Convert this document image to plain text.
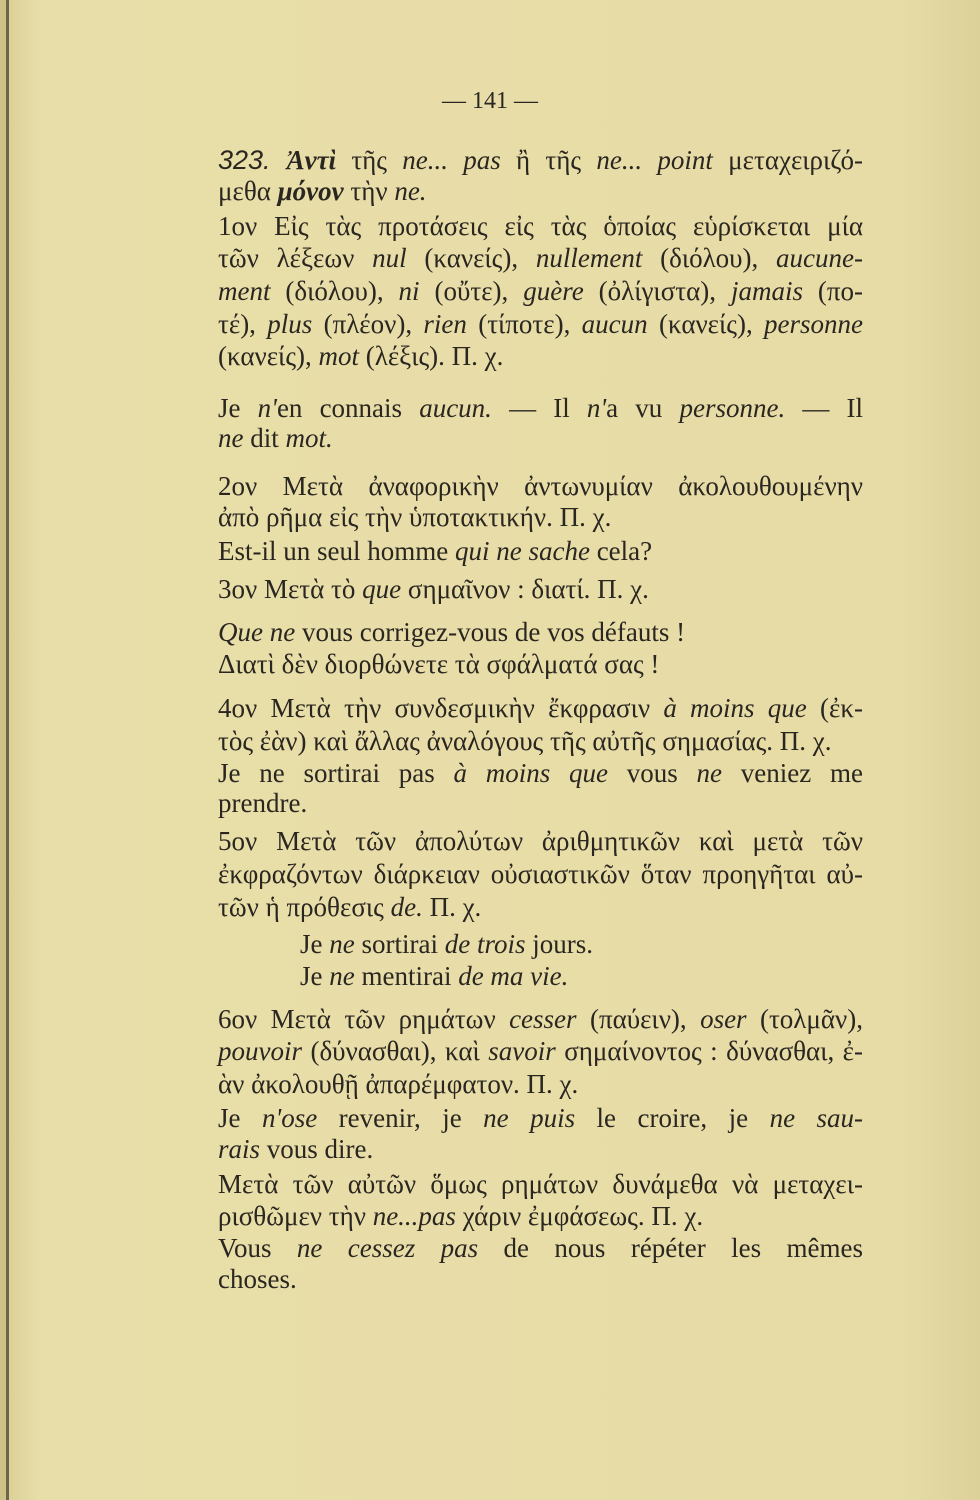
— 141 —
323. Ἀντὶ τῆς ne... pas ἢ τῆς ne... point μεταχειριζό-
μεθα μόνον τὴν ne.
1ον Εἰς τὰς προτάσεις εἰς τὰς ὁποίας εὑρίσκεται μία
τῶν λέξεων nul (κανείς), nullement (διόλου), aucune-
ment (διόλου), ni (οὔτε), guère (ὀλίγιστα), jamais (πο-
τέ), plus (πλέον), rien (τίποτε), aucun (κανείς), personne
(κανείς), mot (λέξις). Π. χ.
Je n'en connais aucun. — Il n'a vu personne. — Il
ne dit mot.
2ον Μετὰ ἀναφορικὴν ἀντωνυμίαν ἀκολουθουμένην
ἀπὸ ρῆμα εἰς τὴν ὑποτακτικήν. Π. χ.
Est-il un seul homme qui ne sache cela?
3ον Μετὰ τὸ que σημαῖνον : διατί. Π. χ.
Que ne vous corrigez-vous de vos défauts !
Διατὶ δὲν διορθώνετε τὰ σφάλματά σας !
4ον Μετὰ τὴν συνδεσμικὴν ἔκφρασιν à moins que (ἐκ-
τὸς ἐὰν) καὶ ἄλλας ἀναλόγους τῆς αὐτῆς σημασίας. Π. χ.
Je ne sortirai pas à moins que vous ne veniez me
prendre.
5ον Μετὰ τῶν ἀπολύτων ἀριθμητικῶν καὶ μετὰ τῶν
ἐκφραζόντων διάρκειαν οὐσιαστικῶν ὅταν προηγῆται αὐ-
τῶν ἡ πρόθεσις de. Π. χ.
Je ne sortirai de trois jours.
Je ne mentirai de ma vie.
6ον Μετὰ τῶν ρημάτων cesser (παύειν), oser (τολμᾶν),
pouvoir (δύνασθαι), καὶ savoir σημαίνοντος : δύνασθαι, ἐ-
ὰν ἀκολουθῇ ἀπαρέμφατον. Π. χ.
Je n'ose revenir, je ne puis le croire, je ne sau-
rais vous dire.
Μετὰ τῶν αὐτῶν ὅμως ρημάτων δυνάμεθα νὰ μεταχει-
ρισθῶμεν τὴν ne...pas χάριν ἐμφάσεως. Π. χ.
Vous ne cessez pas de nous répéter les mêmes
choses.
